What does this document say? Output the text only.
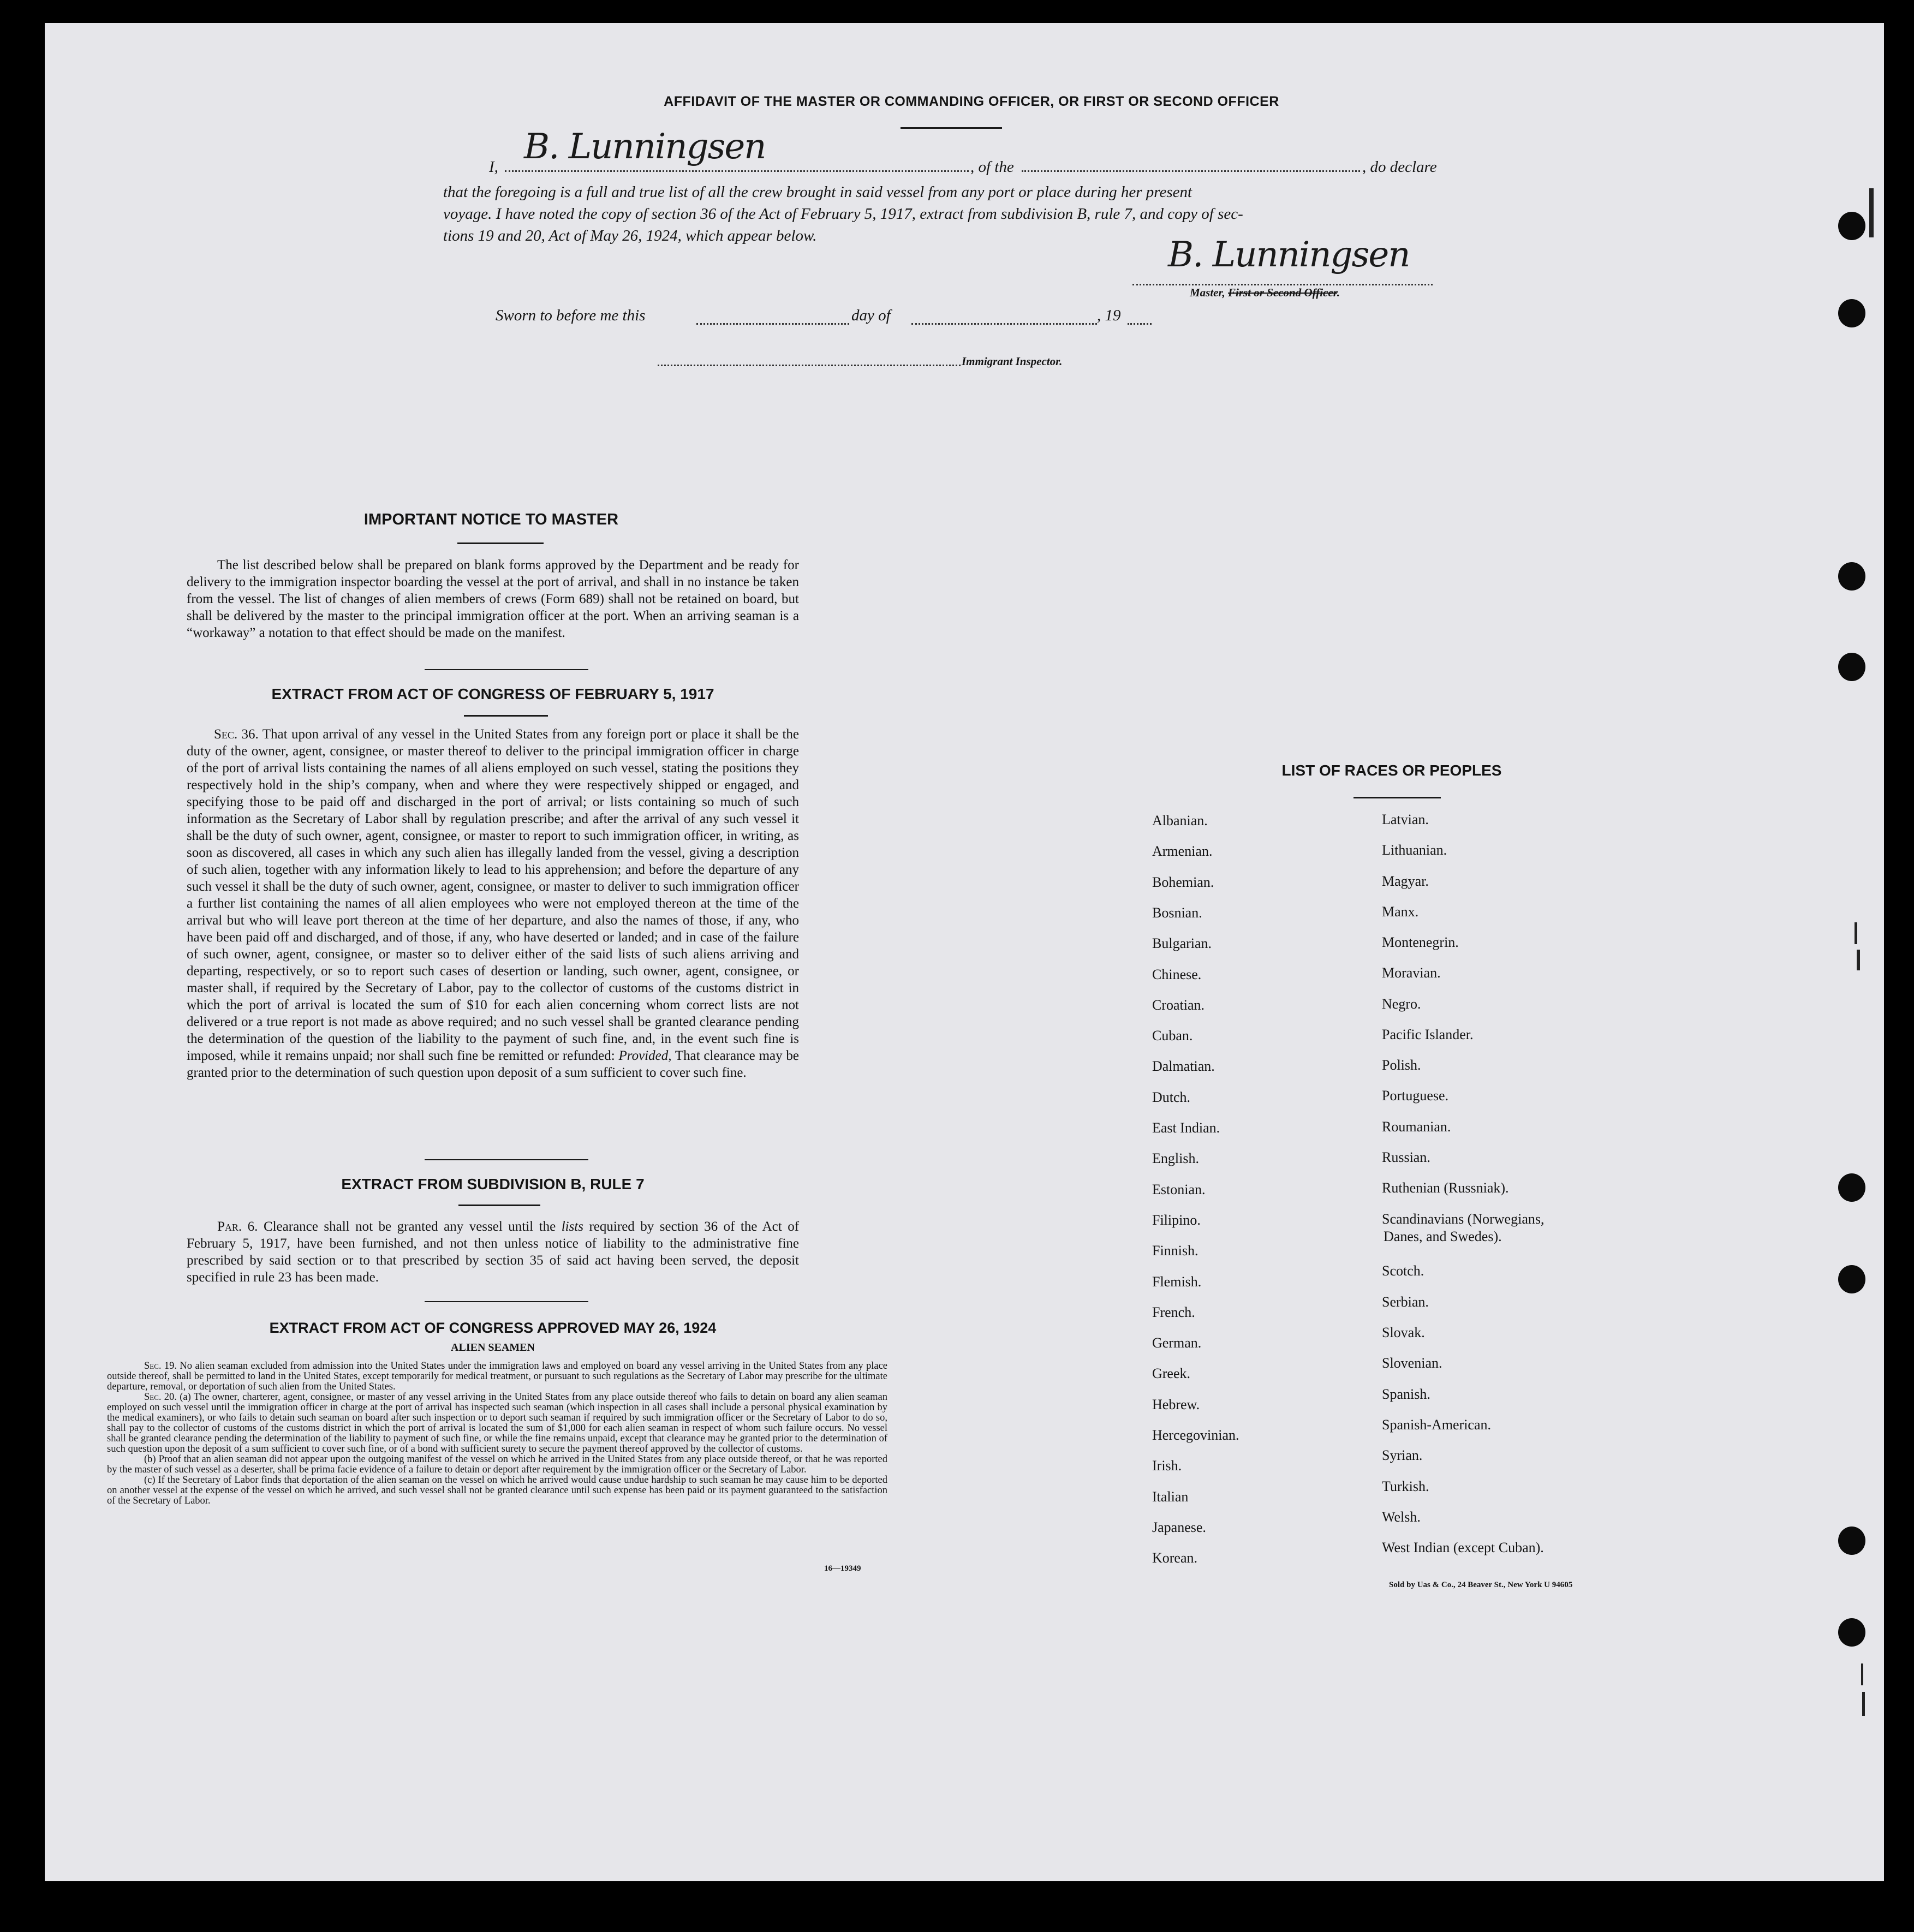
AFFIDAVIT OF THE MASTER OR COMMANDING OFFICER, OR FIRST OR SECOND OFFICER
I, B. Lunningsen	, of the	, do declare
that the foregoing is a full and true list of all the crew brought in said vessel from any port or place during her present
voyage. I have noted the copy of section 36 of the Act of February 5, 1917, extract from subdivision B, rule 7, and copy of sec-
tions 19 and 20, Act of May 26, 1924, which appear below.	B. Lunningsen
Master, First or Second Officer.
Sworn to before me this	day of	, 19
Immigrant Inspector.
IMPORTANT NOTICE TO MASTER
The list described below shall be prepared on blank forms approved by the Department and be ready for delivery to the immigration inspector boarding the vessel at the port of arrival, and shall in no instance be taken from the vessel. The list of changes of alien members of crews (Form 689) shall not be retained on board, but shall be delivered by the master to the principal immigration officer at the port. When an arriving seaman is a “workaway” a notation to that effect should be made on the manifest.
EXTRACT FROM ACT OF CONGRESS OF FEBRUARY 5, 1917
Sec. 36. That upon arrival of any vessel in the United States from any foreign port or place it shall be the duty of the owner, agent, consignee, or master thereof to deliver to the principal immigration officer in charge of the port of arrival lists containing the names of all aliens employed on such vessel, stating the positions they respectively hold in the ship’s company, when and where they were respectively shipped or engaged, and specifying those to be paid off and discharged in the port of arrival; or lists containing so much of such information as the Secretary of Labor shall by regulation prescribe; and after the arrival of any such vessel it shall be the duty of such owner, agent, consignee, or master to report to such immigration officer, in writing, as soon as discovered, all cases in which any such alien has illegally landed from the vessel, giving a description of such alien, together with any information likely to lead to his apprehension; and before the departure of any such vessel it shall be the duty of such owner, agent, consignee, or master to deliver to such immigration officer a further list containing the names of all alien employees who were not employed thereon at the time of the arrival but who will leave port thereon at the time of her departure, and also the names of those, if any, who have been paid off and discharged, and of those, if any, who have deserted or landed; and in case of the failure of such owner, agent, consignee, or master so to deliver either of the said lists of such aliens arriving and departing, respectively, or so to report such cases of desertion or landing, such owner, agent, consignee, or master shall, if required by the Secretary of Labor, pay to the collector of customs of the customs district in which the port of arrival is located the sum of $10 for each alien concerning whom correct lists are not delivered or a true report is not made as above required; and no such vessel shall be granted clearance pending the determination of the question of the liability to the payment of such fine, and, in the event such fine is imposed, while it remains unpaid; nor shall such fine be remitted or refunded: Provided, That clearance may be granted prior to the determination of such question upon deposit of a sum sufficient to cover such fine.
EXTRACT FROM SUBDIVISION B, RULE 7
Par. 6. Clearance shall not be granted any vessel until the lists required by section 36 of the Act of February 5, 1917, have been furnished, and not then unless notice of liability to the administrative fine prescribed by said section or to that prescribed by section 35 of said act having been served, the deposit specified in rule 23 has been made.
EXTRACT FROM ACT OF CONGRESS APPROVED MAY 26, 1924
ALIEN SEAMEN
Sec. 19. No alien seaman excluded from admission into the United States under the immigration laws and employed on board any vessel arriving in the United States from any place outside thereof, shall be permitted to land in the United States, except temporarily for medical treatment, or pursuant to such regulations as the Secretary of Labor may prescribe for the ultimate departure, removal, or deportation of such alien from the United States.
Sec. 20. (a) The owner, charterer, agent, consignee, or master of any vessel arriving in the United States from any place outside thereof who fails to detain on board any alien seaman employed on such vessel until the immigration officer in charge at the port of arrival has inspected such seaman (which inspection in all cases shall include a personal physical examination by the medical examiners), or who fails to detain such seaman on board after such inspection or to deport such seaman if required by such immigration officer or the Secretary of Labor to do so, shall pay to the collector of customs of the customs district in which the port of arrival is located the sum of $1,000 for each alien seaman in respect of whom such failure occurs. No vessel shall be granted clearance pending the determination of the liability to payment of such fine, or while the fine remains unpaid, except that clearance may be granted prior to the determination of such question upon the deposit of a sum sufficient to cover such fine, or of a bond with sufficient surety to secure the payment thereof approved by the collector of customs.
(b) Proof that an alien seaman did not appear upon the outgoing manifest of the vessel on which he arrived in the United States from any place outside thereof, or that he was reported by the master of such vessel as a deserter, shall be prima facie evidence of a failure to detain or deport after requirement by the immigration officer or the Secretary of Labor.
(c) If the Secretary of Labor finds that deportation of the alien seaman on the vessel on which he arrived would cause undue hardship to such seaman he may cause him to be deported on another vessel at the expense of the vessel on which he arrived, and such vessel shall not be granted clearance until such expense has been paid or its payment guaranteed to the satisfaction of the Secretary of Labor.
16—19349
LIST OF RACES OR PEOPLES
Albanian.
Armenian.
Bohemian.
Bosnian.
Bulgarian.
Chinese.
Croatian.
Cuban.
Dalmatian.
Dutch.
East Indian.
English.
Estonian.
Filipino.
Finnish.
Flemish.
French.
German.
Greek.
Hebrew.
Hercegovinian.
Irish.
Italian
Japanese.
Korean.
Latvian.
Lithuanian.
Magyar.
Manx.
Montenegrin.
Moravian.
Negro.
Pacific Islander.
Polish.
Portuguese.
Roumanian.
Russian.
Ruthenian (Russniak).
Scandinavians (Norwegians,
Danes, and Swedes).
Scotch.
Serbian.
Slovak.
Slovenian.
Spanish.
Spanish-American.
Syrian.
Turkish.
Welsh.
West Indian (except Cuban).
Sold by Uas & Co., 24 Beaver St., New York U 94605
